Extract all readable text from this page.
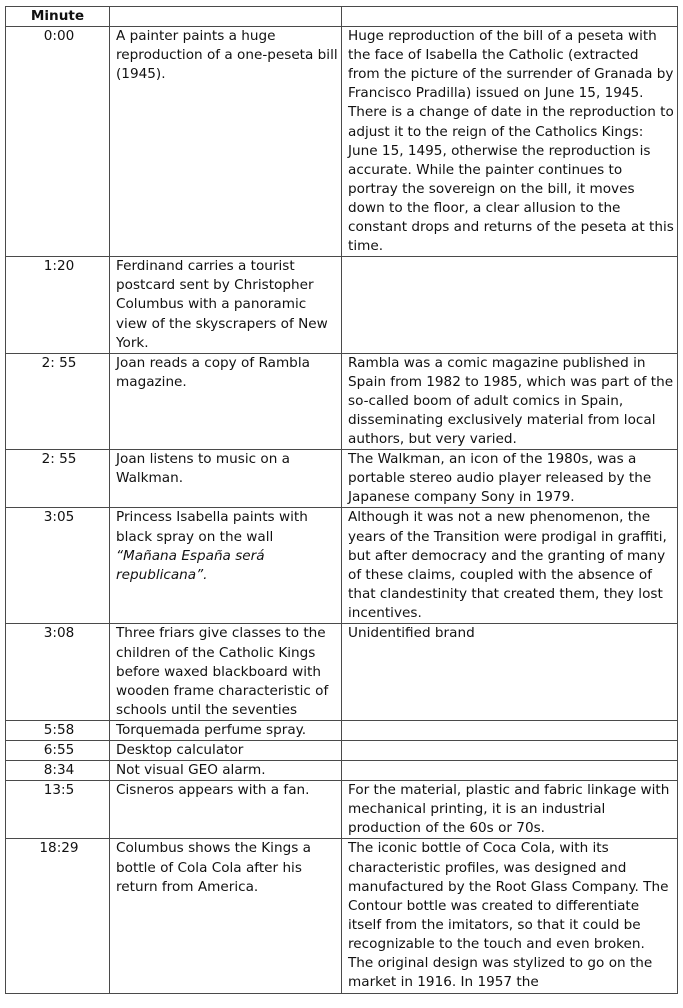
Minute		
0:00	A painter paints a huge reproduction of a one-peseta bill (1945).	Huge reproduction of the bill of a peseta with the face of Isabella the Catholic (extracted from the picture of the surrender of Granada by Francisco Pradilla) issued on June 15, 1945. There is a change of date in the reproduction to adjust it to the reign of the Catholics Kings: June 15, 1495, otherwise the reproduction is accurate. While the painter continues to portray the sovereign on the bill, it moves down to the floor, a clear allusion to the constant drops and returns of the peseta at this time.
1:20	Ferdinand carries a tourist postcard sent by Christopher Columbus with a panoramic view of the skyscrapers of New York.	
2: 55	Joan reads a copy of Rambla magazine.	Rambla was a comic magazine published in Spain from 1982 to 1985, which was part of the so-called boom of adult comics in Spain, disseminating exclusively material from local authors, but very varied.
2: 55	Joan listens to music on a Walkman.	The Walkman, an icon of the 1980s, was a portable stereo audio player released by the Japanese company Sony in 1979.
3:05	Princess Isabella paints with black spray on the wall
“Mañana España será republicana”.	Although it was not a new phenomenon, the years of the Transition were prodigal in graffiti, but after democracy and the granting of many of these claims, coupled with the absence of that clandestinity that created them, they lost incentives.
3:08	Three friars give classes to the children of the Catholic Kings before waxed blackboard with wooden frame characteristic of schools until the seventies	Unidentified brand
5:58	Torquemada perfume spray.	
6:55	Desktop calculator	
8:34	Not visual GEO alarm.	
13:5	Cisneros appears with a fan.	For the material, plastic and fabric linkage with mechanical printing, it is an industrial production of the 60s or 70s.
18:29	Columbus shows the Kings a bottle of Cola Cola after his return from America.	The iconic bottle of Coca Cola, with its characteristic profiles, was designed and manufactured by the Root Glass Company. The Contour bottle was created to differentiate itself from the imitators, so that it could be recognizable to the touch and even broken. The original design was stylized to go on the market in 1916. In 1957 the
